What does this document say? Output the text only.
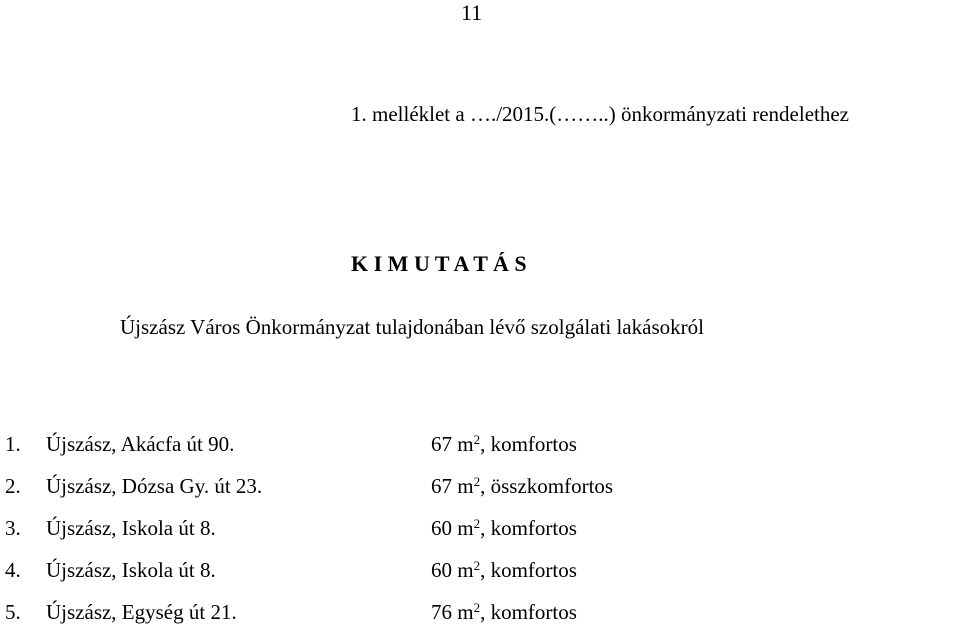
11
1. melléklet a …./2015.(……..) önkormányzati rendelethez
K I M U T A T Á S
Újszász Város Önkormányzat tulajdonában lévő szolgálati lakásokról
1. Újszász, Akácfa út 90.	67 $m^2$, komfortos
2. Újszász, Dózsa Gy. út 23.	67 $m^2$, összkomfortos
3. Újszász, Iskola út 8.	60 $m^2$, komfortos
4. Újszász, Iskola út 8.	60 $m^2$, komfortos
5. Újszász, Egység út 21.	76 $m^2$, komfortos
